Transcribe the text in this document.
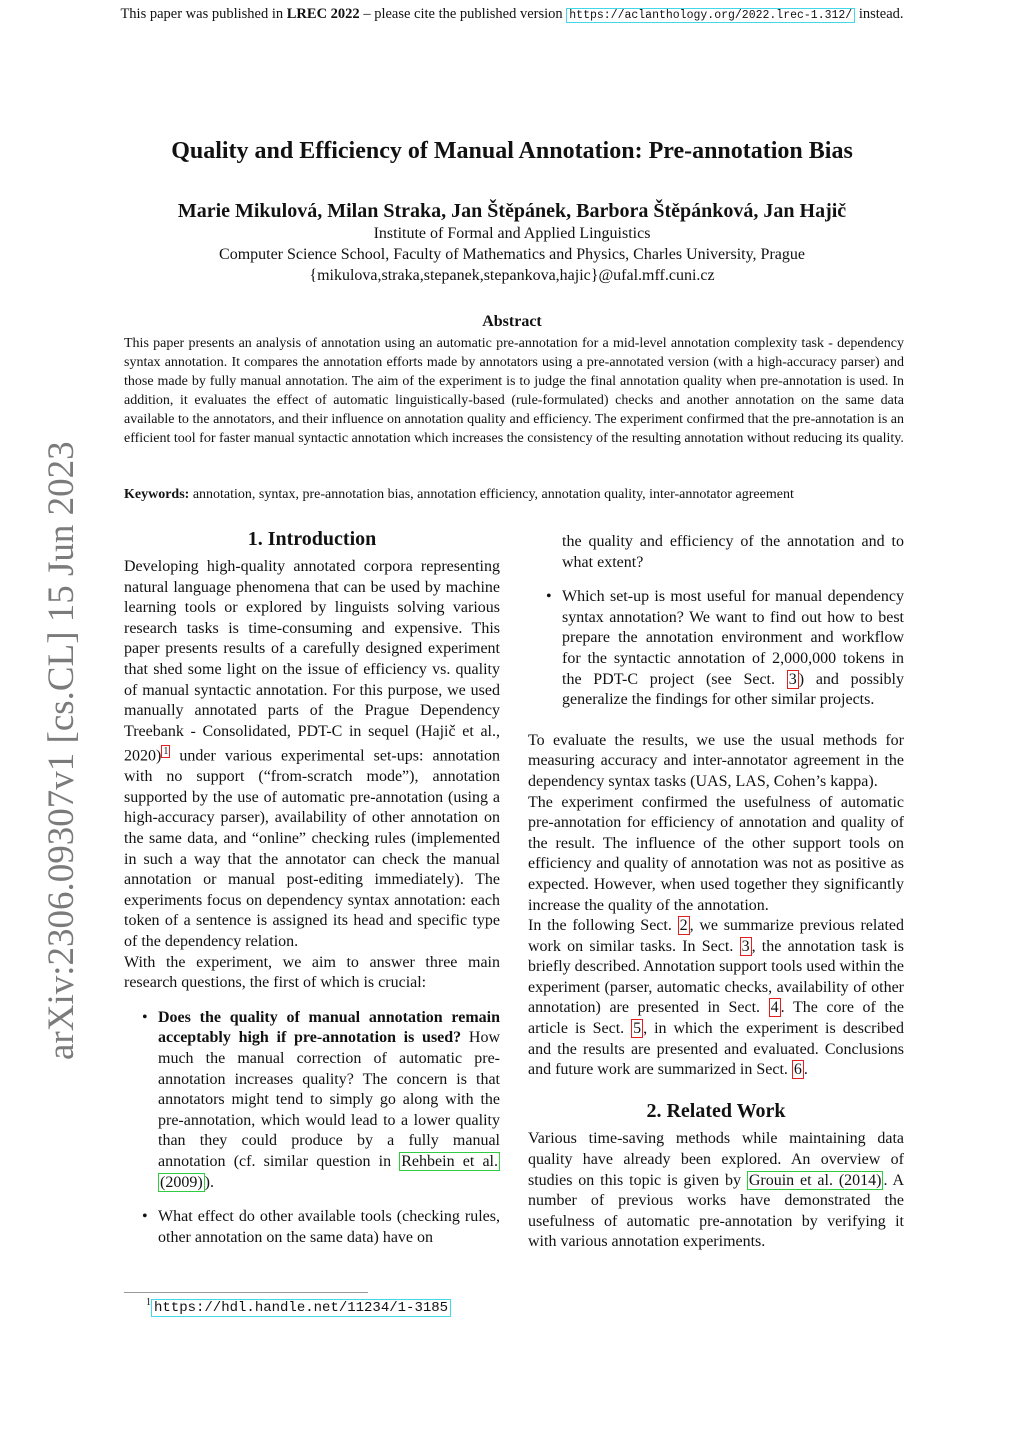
This paper was published in LREC 2022 – please cite the published version https://aclanthology.org/2022.lrec-1.312/ instead.
Quality and Efficiency of Manual Annotation: Pre-annotation Bias
Marie Mikulová, Milan Straka, Jan Štěpánek, Barbora Štěpánková, Jan Hajič
Institute of Formal and Applied Linguistics
Computer Science School, Faculty of Mathematics and Physics, Charles University, Prague
{mikulova,straka,stepanek,stepankova,hajic}@ufal.mff.cuni.cz
Abstract
This paper presents an analysis of annotation using an automatic pre-annotation for a mid-level annotation complexity task - dependency syntax annotation. It compares the annotation efforts made by annotators using a pre-annotated version (with a high-accuracy parser) and those made by fully manual annotation. The aim of the experiment is to judge the final annotation quality when pre-annotation is used. In addition, it evaluates the effect of automatic linguistically-based (rule-formulated) checks and another annotation on the same data available to the annotators, and their influence on annotation quality and efficiency. The experiment confirmed that the pre-annotation is an efficient tool for faster manual syntactic annotation which increases the consistency of the resulting annotation without reducing its quality.
Keywords: annotation, syntax, pre-annotation bias, annotation efficiency, annotation quality, inter-annotator agreement
arXiv:2306.09307v1 [cs.CL] 15 Jun 2023	1. Introduction

Developing high-quality annotated corpora representing natural language phenomena that can be used by machine learning tools or explored by linguists solving various research tasks is time-consuming and expensive. This paper presents results of a carefully designed experiment that shed some light on the issue of efficiency vs. quality of manual syntactic annotation. For this purpose, we used manually annotated parts of the Prague Dependency Treebank - Consolidated, PDT-C in sequel (Hajič et al., 2020) $^1$ under various experimental set-ups: annotation with no support (“from-scratch mode”), annotation supported by the use of automatic pre-annotation (using a high-accuracy parser), availability of other annotation on the same data, and “online” checking rules (implemented in such a way that the annotator can check the manual annotation or manual post-editing immediately). The experiments focus on dependency syntax annotation: each token of a sentence is assigned its head and specific type of the dependency relation.

With the experiment, we aim to answer three main research questions, the first of which is crucial:

• Does the quality of manual annotation remain acceptably high if pre-annotation is used? How much the manual correction of automatic pre-annotation increases quality? The concern is that annotators might tend to simply go along with the pre-annotation, which would lead to a lower quality than they could produce by a fully manual annotation (cf. similar question in Rehbein et al. (2009) ).
• What effect do other available tools (checking rules, other annotation on the same data) have on
$^1$ https://hdl.handle.net/11234/1-3185

the quality and efficiency of the annotation and to what extent?

• Which set-up is most useful for manual dependency syntax annotation? We want to find out how to best prepare the annotation environment and workflow for the syntactic annotation of 2,000,000 tokens in the PDT-C project (see Sect. 3 ) and possibly generalize the findings for other similar projects.

To evaluate the results, we use the usual methods for measuring accuracy and inter-annotator agreement in the dependency syntax tasks (UAS, LAS, Cohen’s kappa).

The experiment confirmed the usefulness of automatic pre-annotation for efficiency of annotation and quality of the result. The influence of the other support tools on efficiency and quality of annotation was not as positive as expected. However, when used together they significantly increase the quality of the annotation.

In the following Sect. 2 , we summarize previous related work on similar tasks. In Sect. 3 , the annotation task is briefly described. Annotation support tools used within the experiment (parser, automatic checks, availability of other annotation) are presented in Sect. 4 . The core of the article is Sect. 5 , in which the experiment is described and the results are presented and evaluated. Conclusions and future work are summarized in Sect. 6 .

2. Related Work

Various time-saving methods while maintaining data quality have already been explored. An overview of studies on this topic is given by Grouin et al. (2014) . A number of previous works have demonstrated the usefulness of automatic pre-annotation by verifying it with various annotation experiments.
